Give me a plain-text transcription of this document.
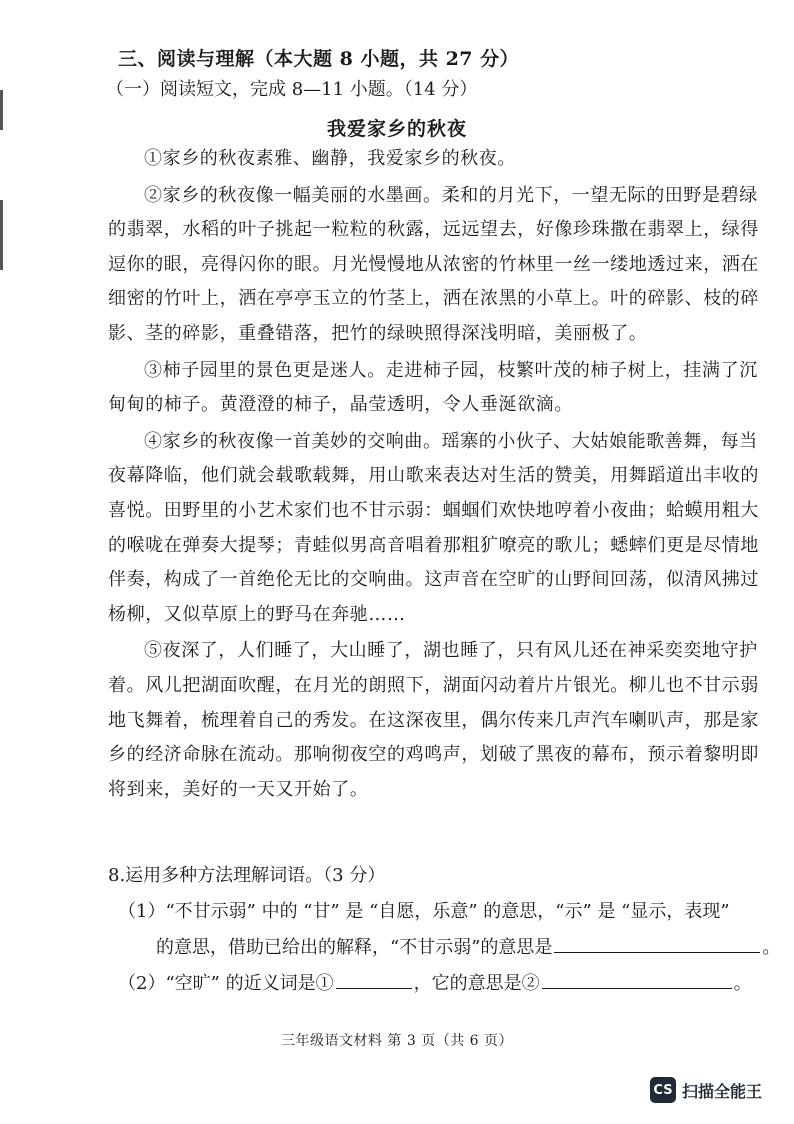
三、阅读与理解（本大题 8 小题，共 27 分）
（一）阅读短文，完成 8—11 小题。（14 分）
我爱家乡的秋夜

①家乡的秋夜素雅、幽静，我爱家乡的秋夜。

②家乡的秋夜像一幅美丽的水墨画。柔和的月光下，一望无际的田野是碧绿的翡翠，水稻的叶子挑起一粒粒的秋露，远远望去，好像珍珠撒在翡翠上，绿得逗你的眼，亮得闪你的眼。月光慢慢地从浓密的竹林里一丝一缕地透过来，洒在细密的竹叶上，洒在亭亭玉立的竹茎上，洒在浓黑的小草上。叶的碎影、枝的碎影、茎的碎影，重叠错落，把竹的绿映照得深浅明暗，美丽极了。

③柿子园里的景色更是迷人。走进柿子园，枝繁叶茂的柿子树上，挂满了沉甸甸的柿子。黄澄澄的柿子，晶莹透明，令人垂涎欲滴。

④家乡的秋夜像一首美妙的交响曲。瑶寨的小伙子、大姑娘能歌善舞，每当夜幕降临，他们就会载歌载舞，用山歌来表达对生活的赞美，用舞蹈道出丰收的喜悦。田野里的小艺术家们也不甘示弱：蝈蝈们欢快地哼着小夜曲；蛤蟆用粗大的喉咙在弹奏大提琴；青蛙似男高音唱着那粗犷嘹亮的歌儿；蟋蟀们更是尽情地伴奏，构成了一首绝伦无比的交响曲。这声音在空旷的山野间回荡，似清风拂过杨柳，又似草原上的野马在奔驰……

⑤夜深了，人们睡了，大山睡了，湖也睡了，只有风儿还在神采奕奕地守护着。风儿把湖面吹醒，在月光的朗照下，湖面闪动着片片银光。柳儿也不甘示弱地飞舞着，梳理着自己的秀发。在这深夜里，偶尔传来几声汽车喇叭声，那是家乡的经济命脉在流动。那响彻夜空的鸡鸣声，划破了黑夜的幕布，预示着黎明即将到来，美好的一天又开始了。

8.运用多种方法理解词语。（3 分）
（1）“不甘示弱” 中的 “甘” 是 “自愿，乐意” 的意思，“示” 是 “显示，表现”
的意思，借助已给出的解释，“不甘示弱”的意思是	。
（2）“空旷” 的近义词是①	，它的意思是②	。
三年级语文材料 第 3 页（共 6 页）
CS 扫描全能王
